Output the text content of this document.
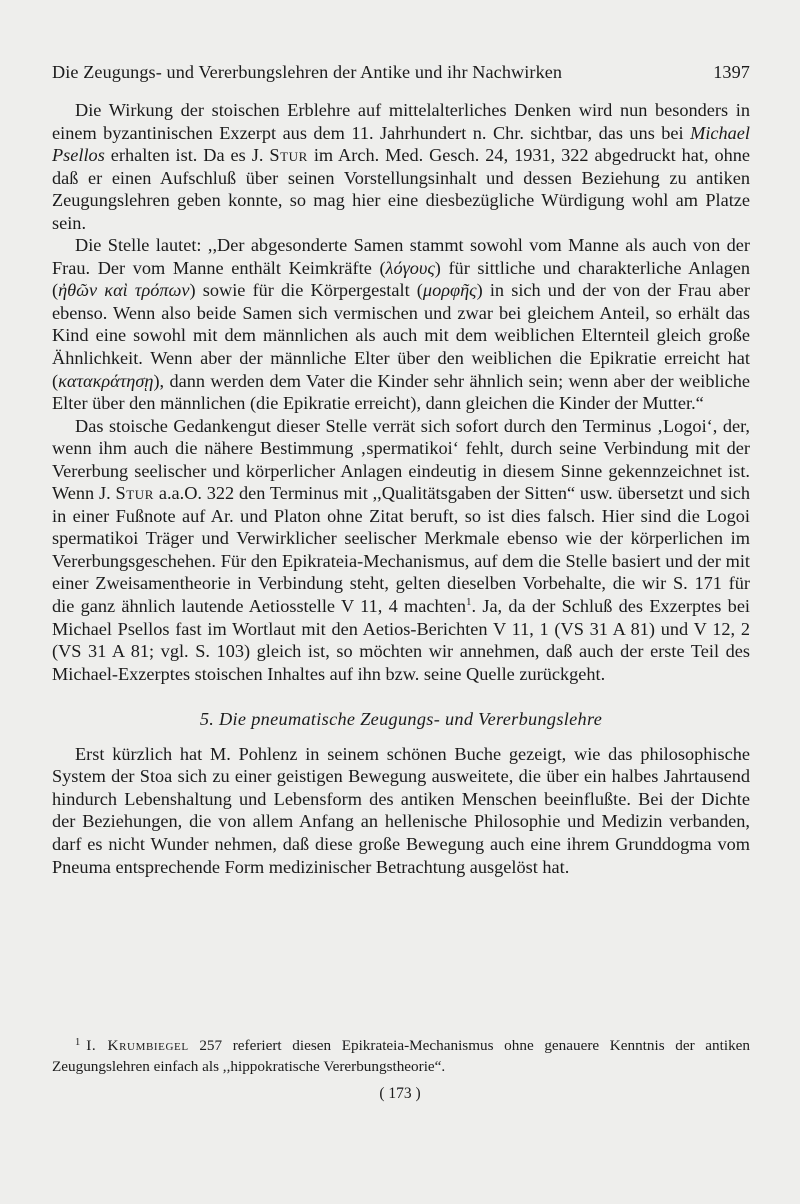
Die Zeugungs- und Vererbungslehren der Antike und ihr Nachwirken	1397

Die Wirkung der stoischen Erblehre auf mittelalterliches Denken wird nun besonders in einem byzantinischen Exzerpt aus dem 11. Jahrhundert n. Chr. sichtbar, das uns bei Michael Psellos erhalten ist. Da es J. Stur im Arch. Med. Gesch. 24, 1931, 322 abgedruckt hat, ohne daß er einen Aufschluß über seinen Vorstellungsinhalt und dessen Beziehung zu antiken Zeugungslehren geben konnte, so mag hier eine diesbezügliche Würdigung wohl am Platze sein.

Die Stelle lautet: ,,Der abgesonderte Samen stammt sowohl vom Manne als auch von der Frau. Der vom Manne enthält Keimkräfte (λόγους) für sittliche und charakterliche Anlagen (ἠθῶν καὶ τρόπων) sowie für die Körpergestalt (μορφῆς) in sich und der von der Frau aber ebenso. Wenn also beide Samen sich vermischen und zwar bei gleichem Anteil, so erhält das Kind eine sowohl mit dem männlichen als auch mit dem weiblichen Elternteil gleich große Ähnlichkeit. Wenn aber der männliche Elter über den weiblichen die Epikratie erreicht hat (κατακράτησῃ), dann werden dem Vater die Kinder sehr ähnlich sein; wenn aber der weibliche Elter über den männlichen (die Epikratie erreicht), dann gleichen die Kinder der Mutter.“

Das stoische Gedankengut dieser Stelle verrät sich sofort durch den Terminus ‚Logoi‘, der, wenn ihm auch die nähere Bestimmung ‚spermatikoi‘ fehlt, durch seine Verbindung mit der Vererbung seelischer und körperlicher Anlagen eindeutig in diesem Sinne gekennzeichnet ist. Wenn J. Stur a.a.O. 322 den Terminus mit ,,Qualitätsgaben der Sitten“ usw. übersetzt und sich in einer Fußnote auf Ar. und Platon ohne Zitat beruft, so ist dies falsch. Hier sind die Logoi spermatikoi Träger und Verwirklicher seelischer Merkmale ebenso wie der körperlichen im Vererbungsgeschehen. Für den Epikrateia-Mechanismus, auf dem die Stelle basiert und der mit einer Zweisamentheorie in Verbindung steht, gelten dieselben Vorbehalte, die wir S. 171 für die ganz ähnlich lautende Aetiosstelle V 11, 4 machten$^1$. Ja, da der Schluß des Exzerptes bei Michael Psellos fast im Wortlaut mit den Aetios-Berichten V 11, 1 (VS 31 A 81) und V 12, 2 (VS 31 A 81; vgl. S. 103) gleich ist, so möchten wir annehmen, daß auch der erste Teil des Michael-Exzerptes stoischen Inhaltes auf ihn bzw. seine Quelle zurückgeht.

5. Die pneumatische Zeugungs- und Vererbungslehre

Erst kürzlich hat M. Pohlenz in seinem schönen Buche gezeigt, wie das philosophische System der Stoa sich zu einer geistigen Bewegung ausweitete, die über ein halbes Jahrtausend hindurch Lebenshaltung und Lebensform des antiken Menschen beeinflußte. Bei der Dichte der Beziehungen, die von allem Anfang an hellenische Philosophie und Medizin verbanden, darf es nicht Wunder nehmen, daß diese große Bewegung auch eine ihrem Grunddogma vom Pneuma entsprechende Form medizinischer Betrachtung ausgelöst hat.

$^1$ I. Krumbiegel 257 referiert diesen Epikrateia-Mechanismus ohne genauere Kenntnis der antiken Zeugungslehren einfach als ,,hippokratische Vererbungstheorie“.

( 173 )
